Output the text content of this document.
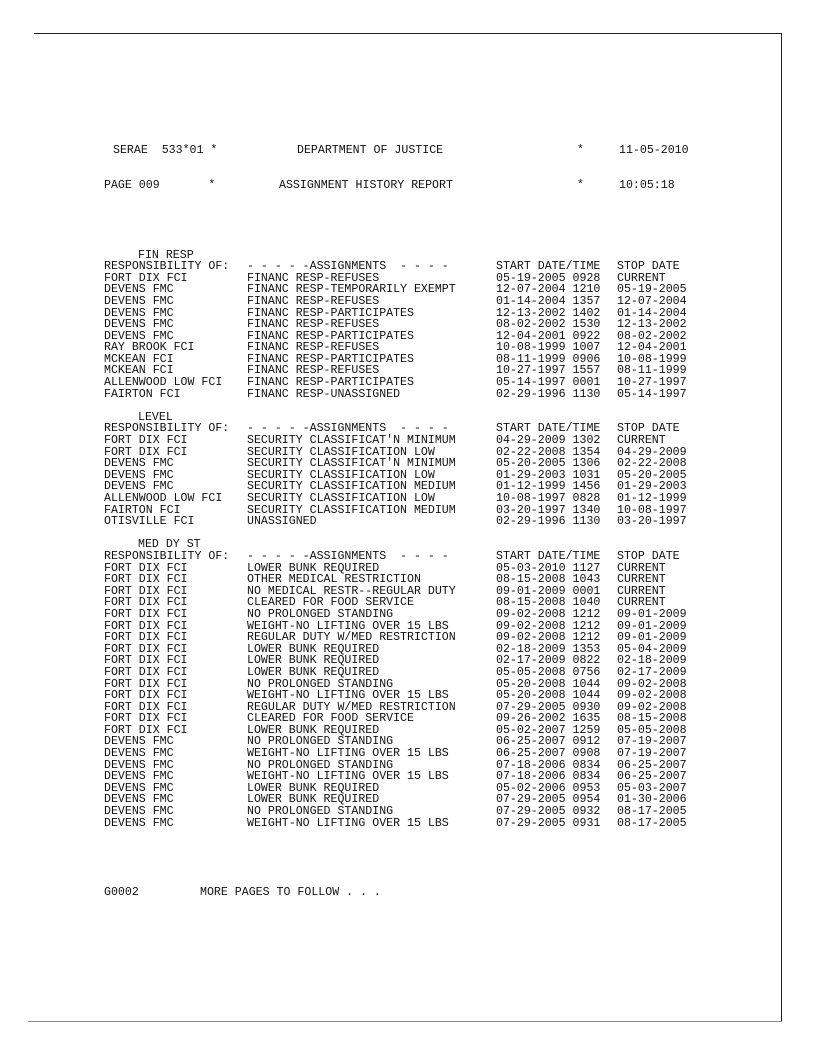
SERAE  533*01 *

	DEPARTMENT OF JUSTICE

	*

	11-05-2010

PAGE 009       *

	ASSIGNMENT HISTORY REPORT

	*

	10:05:18

FIN RESP
RESPONSIBILITY OF: - - - - -ASSIGNMENTS  - - - -	START DATE/TIME STOP DATE
FORT DIX FCI	FINANC RESP-REFUSES	05-19-2005 0928 CURRENT
DEVENS FMC	FINANC RESP-TEMPORARILY EXEMPT	12-07-2004 1210 05-19-2005
DEVENS FMC	FINANC RESP-REFUSES	01-14-2004 1357 12-07-2004
DEVENS FMC	FINANC RESP-PARTICIPATES	12-13-2002 1402 01-14-2004
DEVENS FMC	FINANC RESP-REFUSES	08-02-2002 1530 12-13-2002
DEVENS FMC	FINANC RESP-PARTICIPATES	12-04-2001 0922 08-02-2002
RAY BROOK FCI	FINANC RESP-REFUSES	10-08-1999 1007 12-04-2001
MCKEAN FCI	FINANC RESP-PARTICIPATES	08-11-1999 0906 10-08-1999
MCKEAN FCI	FINANC RESP-REFUSES	10-27-1997 1557 08-11-1999
ALLENWOOD LOW FCI FINANC RESP-PARTICIPATES	05-14-1997 0001 10-27-1997
FAIRTON FCI	FINANC RESP-UNASSIGNED	02-29-1996 1130 05-14-1997
LEVEL
RESPONSIBILITY OF: - - - - -ASSIGNMENTS  - - - -	START DATE/TIME STOP DATE
FORT DIX FCI	SECURITY CLASSIFICAT'N MINIMUM	04-29-2009 1302 CURRENT
FORT DIX FCI	SECURITY CLASSIFICATION LOW	02-22-2008 1354 04-29-2009
DEVENS FMC	SECURITY CLASSIFICAT'N MINIMUM	05-20-2005 1306 02-22-2008
DEVENS FMC	SECURITY CLASSIFICATION LOW	01-29-2003 1031 05-20-2005
DEVENS FMC	SECURITY CLASSIFICATION MEDIUM	01-12-1999 1456 01-29-2003
ALLENWOOD LOW FCI SECURITY CLASSIFICATION LOW	10-08-1997 0828 01-12-1999
FAIRTON FCI	SECURITY CLASSIFICATION MEDIUM	03-20-1997 1340 10-08-1997
OTISVILLE FCI	UNASSIGNED	02-29-1996 1130 03-20-1997
MED DY ST
RESPONSIBILITY OF: - - - - -ASSIGNMENTS  - - - -	START DATE/TIME STOP DATE
FORT DIX FCI	LOWER BUNK REQUIRED	05-03-2010 1127 CURRENT
FORT DIX FCI	OTHER MEDICAL RESTRICTION	08-15-2008 1043 CURRENT
FORT DIX FCI	NO MEDICAL RESTR--REGULAR DUTY	09-01-2009 0001 CURRENT
FORT DIX FCI	CLEARED FOR FOOD SERVICE	08-15-2008 1040 CURRENT
FORT DIX FCI	NO PROLONGED STANDING	09-02-2008 1212 09-01-2009
FORT DIX FCI	WEIGHT-NO LIFTING OVER 15 LBS	09-02-2008 1212 09-01-2009
FORT DIX FCI	REGULAR DUTY W/MED RESTRICTION	09-02-2008 1212 09-01-2009
FORT DIX FCI	LOWER BUNK REQUIRED	02-18-2009 1353 05-04-2009
FORT DIX FCI	LOWER BUNK REQUIRED	02-17-2009 0822 02-18-2009
FORT DIX FCI	LOWER BUNK REQUIRED	05-05-2008 0756 02-17-2009
FORT DIX FCI	NO PROLONGED STANDING	05-20-2008 1044 09-02-2008
FORT DIX FCI	WEIGHT-NO LIFTING OVER 15 LBS	05-20-2008 1044 09-02-2008
FORT DIX FCI	REGULAR DUTY W/MED RESTRICTION	07-29-2005 0930 09-02-2008
FORT DIX FCI	CLEARED FOR FOOD SERVICE	09-26-2002 1635 08-15-2008
FORT DIX FCI	LOWER BUNK REQUIRED	05-02-2007 1259 05-05-2008
DEVENS FMC	NO PROLONGED STANDING	06-25-2007 0912 07-19-2007
DEVENS FMC	WEIGHT-NO LIFTING OVER 15 LBS	06-25-2007 0908 07-19-2007
DEVENS FMC	NO PROLONGED STANDING	07-18-2006 0834 06-25-2007
DEVENS FMC	WEIGHT-NO LIFTING OVER 15 LBS	07-18-2006 0834 06-25-2007
DEVENS FMC	LOWER BUNK REQUIRED	05-02-2006 0953 05-03-2007
DEVENS FMC	LOWER BUNK REQUIRED	07-29-2005 0954 01-30-2006
DEVENS FMC	NO PROLONGED STANDING	07-29-2005 0932 08-17-2005
DEVENS FMC	WEIGHT-NO LIFTING OVER 15 LBS	07-29-2005 0931 08-17-2005

G0002

	MORE PAGES TO FOLLOW . . .
